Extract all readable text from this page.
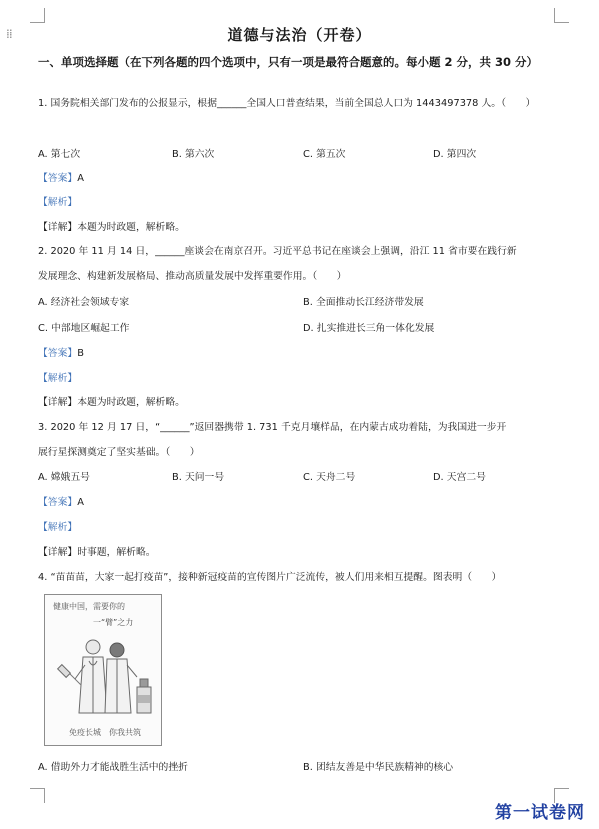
⁞⁞	道德与法治（开卷）
一、单项选择题（在下列各题的四个选项中，只有一项是最符合题意的。每小题 2 分，共 30 分）
1. 国务院相关部门发布的公报显示，根据______全国人口普查结果，当前全国总人口为 1443497378 人。（　　）
A. 第七次	B. 第六次	C. 第五次	D. 第四次
【答案】A
【解析】
【详解】本题为时政题，解析略。
2. 2020 年 11 月 14 日，______座谈会在南京召开。习近平总书记在座谈会上强调，沿江 11 省市要在践行新
发展理念、构建新发展格局、推动高质量发展中发挥重要作用。（　　）
A. 经济社会领域专家	B. 全面推动长江经济带发展
C. 中部地区崛起工作	D. 扎实推进长三角一体化发展
【答案】B
【解析】
【详解】本题为时政题，解析略。
3. 2020 年 12 月 17 日，“______”返回器携带 1. 731 千克月壤样品，在内蒙古成功着陆，为我国进一步开
展行星探测奠定了坚实基础。（　　）
A. 嫦娥五号	B. 天问一号	C. 天舟二号	D. 天宫二号
【答案】A
【解析】
【详解】时事题，解析略。
4. “苗苗苗，大家一起打疫苗”，接种新冠疫苗的宣传图片广泛流传，被人们用来相互提醒。图表明（　　）
健康中国，需要你的
一“臂”之力
免疫长城　你我共筑
A. 借助外力才能战胜生活中的挫折	B. 团结友善是中华民族精神的核心
第一试卷网
